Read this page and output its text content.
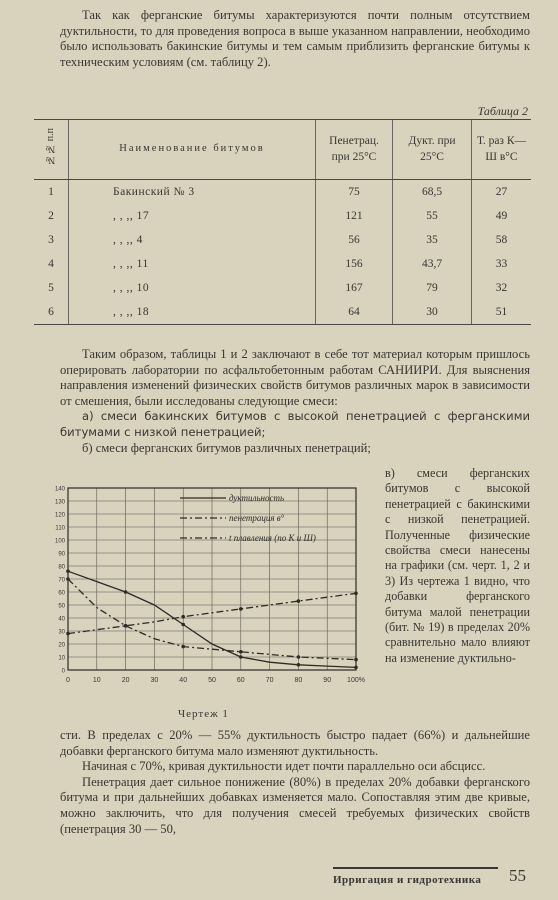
Так как ферганские битумы характеризуются почти полным отсутствием дуктильности, то для проведения вопроса в выше указанном направлении, необходимо было использовать бакинские битумы и тем самым приблизить ферганские битумы к техническим условиям (см. таблицу 2).

Таблица 2
№№ п.п	Наименование битумов	Пенетрац. при 25°С	Дукт. при 25°С	Т. раз К—Ш в°С
1	Бакинский № 3	75	68,5	27
2	, , ,, 17	121	55	49
3	, , ,, 4	56	35	58
4	, , ,, 11	156	43,7	33
5	, , ,, 10	167	79	32
6	, , ,, 18	64	30	51
Таким образом, таблицы 1 и 2 заключают в себе тот материал которым пришлось оперировать лаборатории по асфальтобетонным работам САНИИРИ. Для выяснения направления изменений физических свойств битумов различных марок в зависимости от смешения, были исследованы следующие смеси:
а) смеси бакинских битумов с высокой пенетрацией с ферганскими битумами с низкой пенетрацией;
б) смеси ферганских битумов различных пенетраций;

в) смеси ферганских битумов с высокой пенетрацией с бакинскими с низкой пенетрацией. Полученные физические свойства смеси нанесены на графики (см. черт. 1, 2 и 3) Из чертежа 1 видно, что добавки ферганского битума малой пенетрации (бит. № 19) в пределах 20% сравнительно мало влияют на изменение дуктильно-

0	10	20	30	40	50	60	70	80	90 100%
0
10
20
30
40
50
60
70
80
90
100
110
120
130
140
дуктильность
пенетрация в°
t плавления (по К и Ш)
Чертеж 1
сти. В пределах с 20% — 55% дуктильность быстро падает (66%) и дальнейшие добавки ферганского битума мало изменяют дуктильность.
Начиная с 70%, кривая дуктильности идет почти параллельно оси абсцисс.
Пенетрация дает сильное понижение (80%) в пределах 20% добавки ферганского битума и при дальнейших добавках изменяется мало. Сопоставляя этим две кривые, можно заключить, что для получения смесей требуемых физических свойств (пенетрация 30 — 50,
Ирригация и гидротехника 55
